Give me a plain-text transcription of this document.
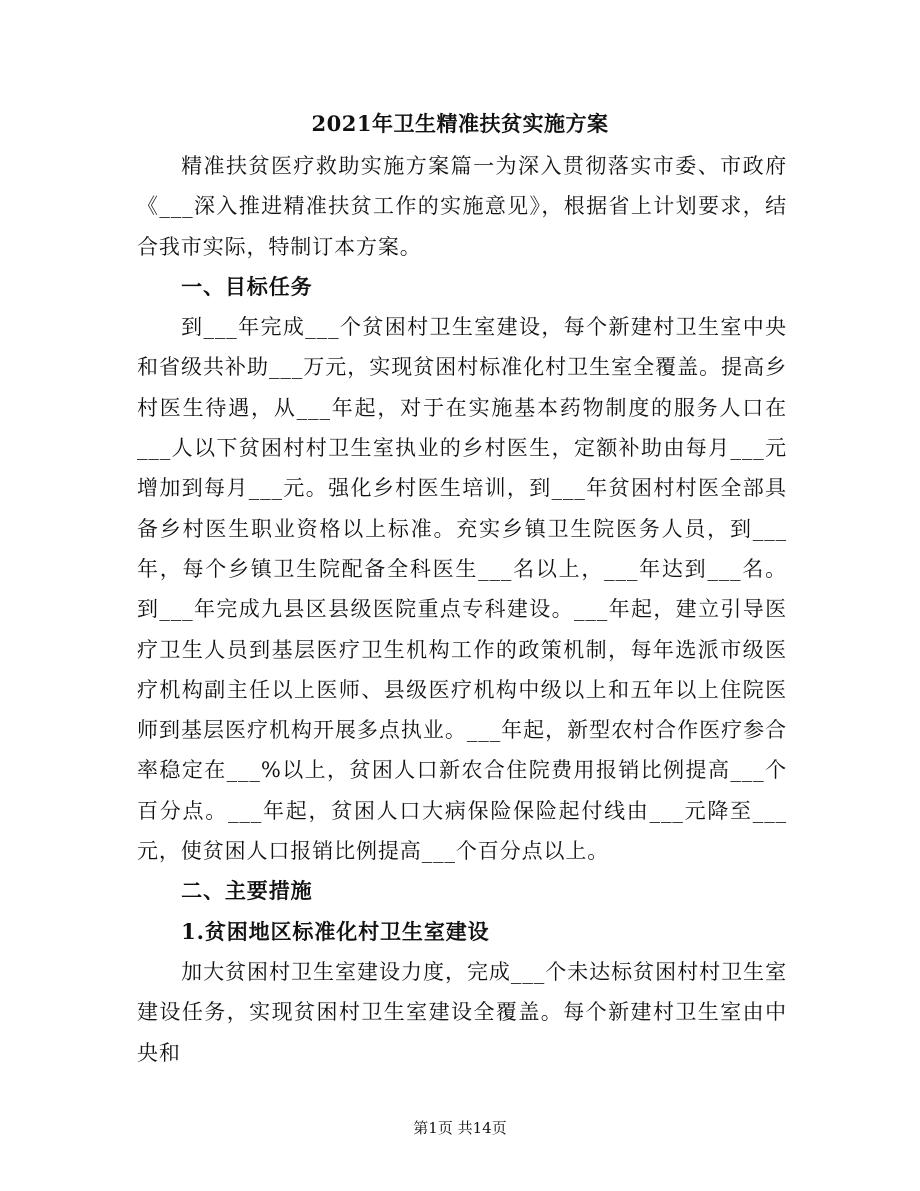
2021年卫生精准扶贫实施方案

精准扶贫医疗救助实施方案篇一为深入贯彻落实市委、市政府《___深入推进精准扶贫工作的实施意见》，根据省上计划要求，结合我市实际，特制订本方案。

一、目标任务

到___年完成___个贫困村卫生室建设，每个新建村卫生室中央和省级共补助___万元，实现贫困村标准化村卫生室全覆盖。提高乡村医生待遇，从___年起，对于在实施基本药物制度的服务人口在___人以下贫困村村卫生室执业的乡村医生，定额补助由每月___元增加到每月___元。强化乡村医生培训，到___年贫困村村医全部具备乡村医生职业资格以上标准。充实乡镇卫生院医务人员，到___年，每个乡镇卫生院配备全科医生___名以上，___年达到___名。到___年完成九县区县级医院重点专科建设。___年起，建立引导医疗卫生人员到基层医疗卫生机构工作的政策机制，每年选派市级医疗机构副主任以上医师、县级医疗机构中级以上和五年以上住院医师到基层医疗机构开展多点执业。___年起，新型农村合作医疗参合率稳定在___%以上，贫困人口新农合住院费用报销比例提高___个百分点。___年起，贫困人口大病保险保险起付线由___元降至___元，使贫困人口报销比例提高___个百分点以上。

二、主要措施

1.贫困地区标准化村卫生室建设

加大贫困村卫生室建设力度，完成___个未达标贫困村村卫生室建设任务，实现贫困村卫生室建设全覆盖。每个新建村卫生室由中央和

第1页 共14页
